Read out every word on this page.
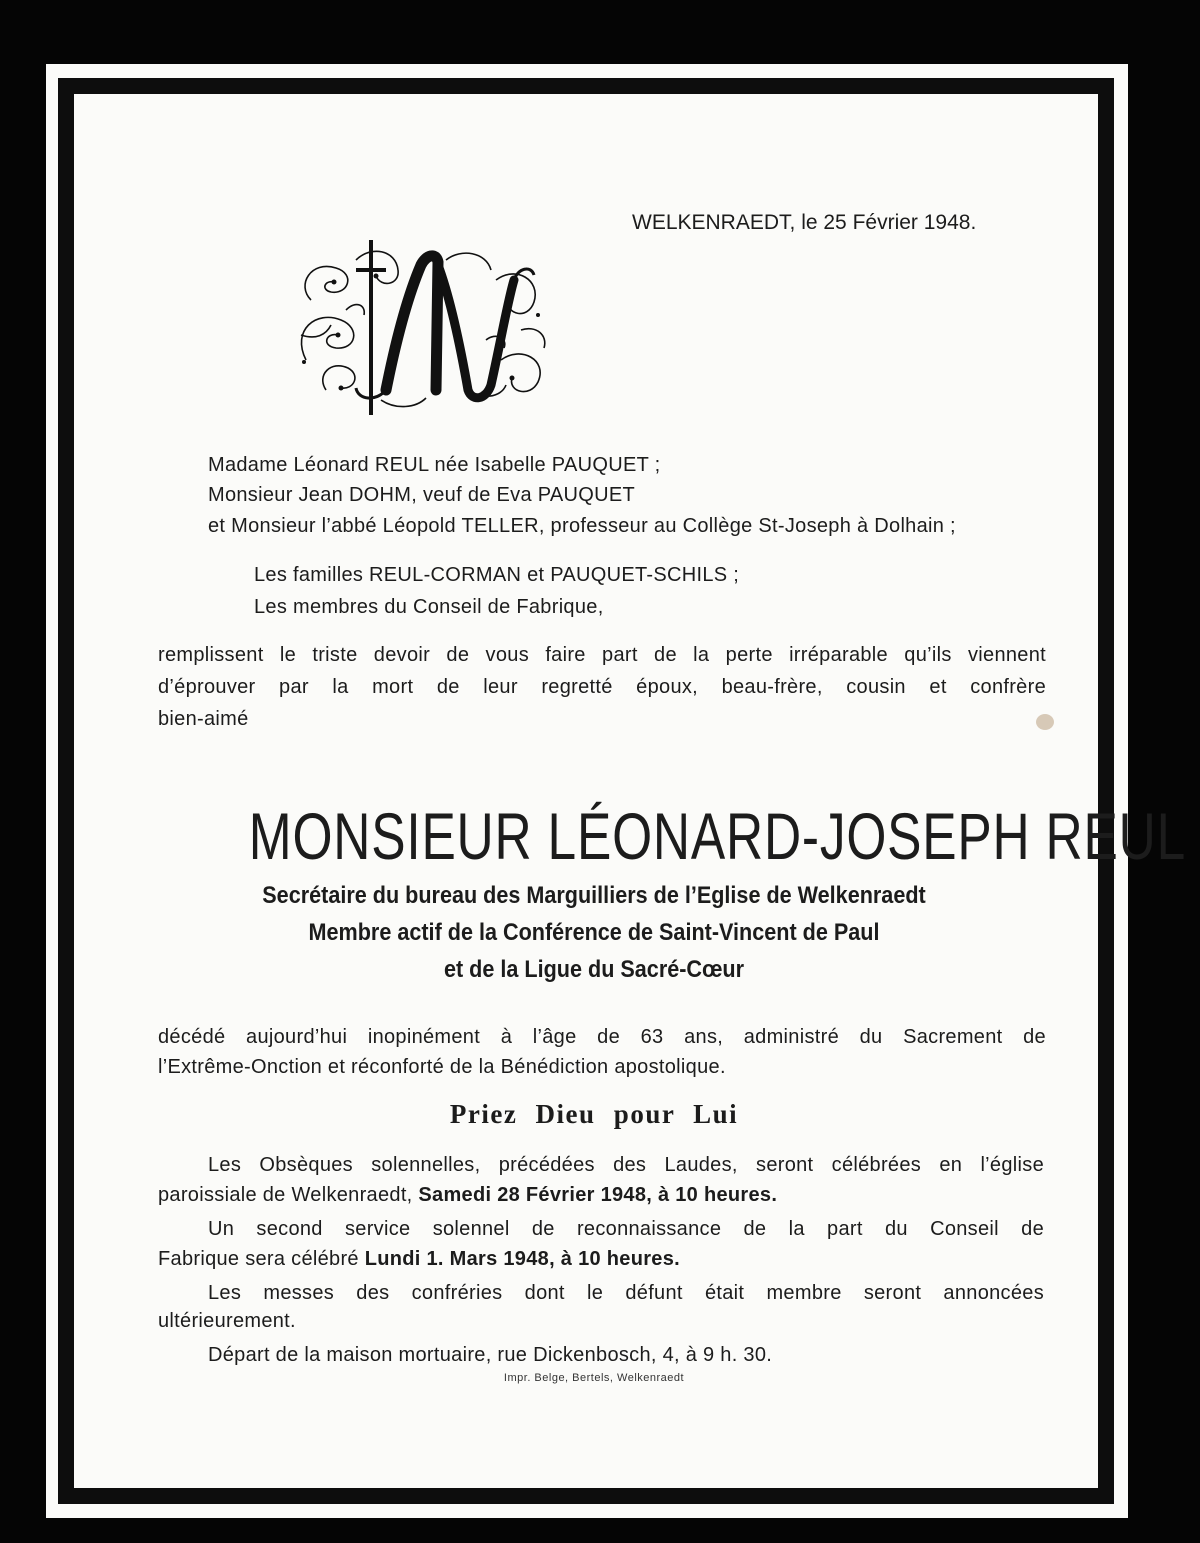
WELKENRAEDT, le 25 Février 1948.
Madame Léonard REUL née Isabelle PAUQUET ;
Monsieur Jean DOHM, veuf de Eva PAUQUET
et Monsieur l’abbé Léopold TELLER, professeur au Collège St-Joseph à Dolhain ;
Les familles REUL-CORMAN et PAUQUET-SCHILS ;
Les membres du Conseil de Fabrique,
remplissent le triste devoir de vous faire part de la perte irréparable qu’ils viennent
d’éprouver par la mort de leur regretté époux, beau-frère, cousin et confrère
bien-aimé
MONSIEUR LÉONARD-JOSEPH REUL
Secrétaire du bureau des Marguilliers de l’Eglise de Welkenraedt
Membre actif de la Conférence de Saint-Vincent de Paul
et de la Ligue du Sacré-Cœur
décédé aujourd’hui inopinément à l’âge de 63 ans, administré du Sacrement de
l’Extrême-Onction et réconforté de la Bénédiction apostolique.
Priez Dieu pour Lui
Les Obsèques solennelles, précédées des Laudes, seront célébrées en l’église
paroissiale de Welkenraedt, Samedi 28 Février 1948, à 10 heures.
Un second service solennel de reconnaissance de la part du Conseil de
Fabrique sera célébré Lundi 1. Mars 1948, à 10 heures.
Les messes des confréries dont le défunt était membre seront annoncées
ultérieurement.
Départ de la maison mortuaire, rue Dickenbosch, 4, à 9 h. 30.
Impr. Belge, Bertels, Welkenraedt
